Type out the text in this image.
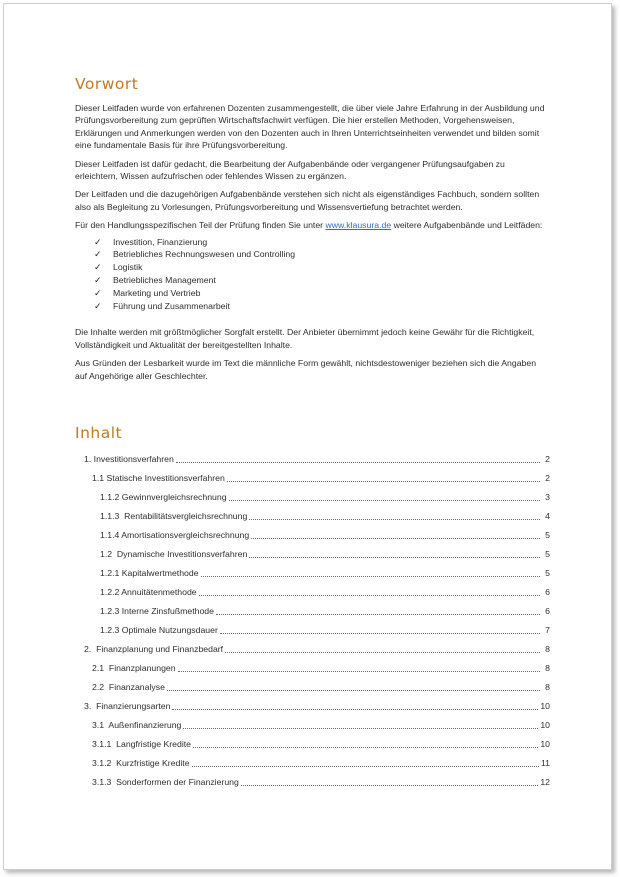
Vorwort

Dieser Leitfaden wurde von erfahrenen Dozenten zusammengestellt, die über viele Jahre Erfahrung in der Ausbildung und Prüfungsvorbereitung zum geprüften Wirtschaftsfachwirt verfügen. Die hier erstellen Methoden, Vorgehensweisen, Erklärungen und Anmerkungen werden von den Dozenten auch in Ihren Unterrichtseinheiten verwendet und bilden somit eine fundamentale Basis für ihre Prüfungsvorbereitung.

Dieser Leitfaden ist dafür gedacht, die Bearbeitung der Aufgabenbände oder vergangener Prüfungsaufgaben zu erleichtern, Wissen aufzufrischen oder fehlendes Wissen zu ergänzen.

Der Leitfaden und die dazugehörigen Aufgabenbände verstehen sich nicht als eigenständiges Fachbuch, sondern sollten also als Begleitung zu Vorlesungen, Prüfungsvorbereitung und Wissensvertiefung betrachtet werden.

Für den Handlungsspezifischen Teil der Prüfung finden Sie unter www.klausura.de weitere Aufgabenbände und Leitfäden:

✓ Investition, Finanzierung
✓ Betriebliches Rechnungswesen und Controlling
✓ Logistik
✓ Betriebliches Management
✓ Marketing und Vertrieb
✓ Führung und Zusammenarbeit

Die Inhalte werden mit größtmöglicher Sorgfalt erstellt. Der Anbieter übernimmt jedoch keine Gewähr für die Richtigkeit, Vollständigkeit und Aktualität der bereitgestellten Inhalte.

Aus Gründen der Lesbarkeit wurde im Text die männliche Form gewählt, nichtsdestoweniger beziehen sich die Angaben auf Angehörige aller Geschlechter.

Inhalt
1. Investitionsverfahren	2
1.1 Statische Investitionsverfahren	2
1.1.2 Gewinnvergleichsrechnung	3
1.1.3  Rentabilitätsvergleichsrechnung	4
1.1.4 Amortisationsvergleichsrechnung	5
1.2  Dynamische Investitionsverfahren	5
1.2.1 Kapitalwertmethode	5
1.2.2 Annuitätenmethode	6
1.2.3 Interne Zinsfußmethode	6
1.2.3 Optimale Nutzungsdauer	7
2.  Finanzplanung und Finanzbedarf	8
2.1  Finanzplanungen	8
2.2  Finanzanalyse	8
3.  Finanzierungsarten	10
3.1  Außenfinanzierung	10
3.1.1  Langfristige Kredite	10
3.1.2  Kurzfristige Kredite	11
3.1.3  Sonderformen der Finanzierung	12
